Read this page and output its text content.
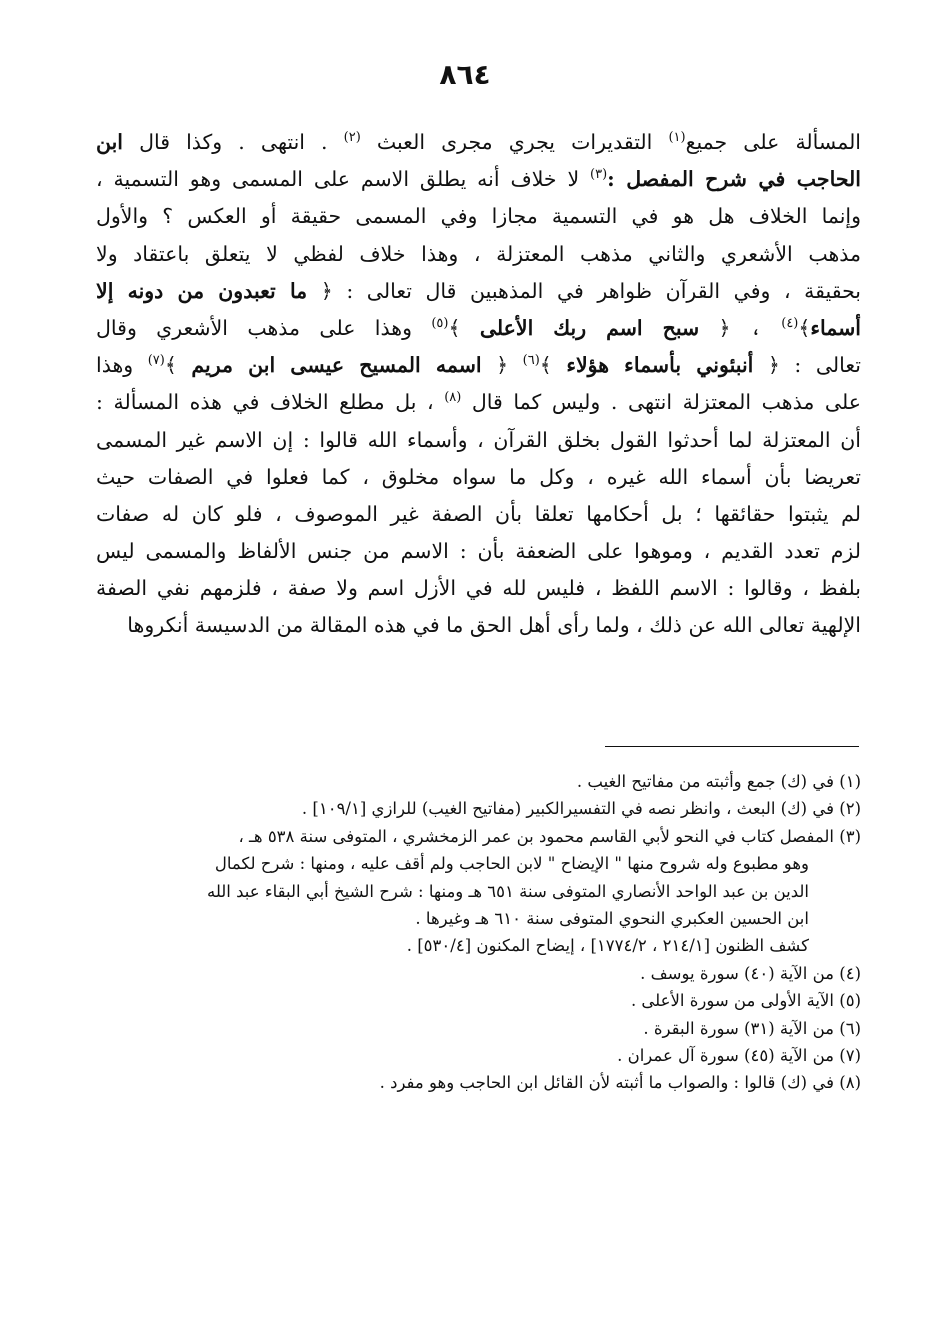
٨٦٤
المسألة على جميع$^{(١)}$ التقديرات يجري مجرى العبث $^{(٢)}$ . انتهى . وكذا قال ابن
الحاجب في شرح المفصل :$^{(٣)}$ لا خلاف أنه يطلق الاسم على المسمى وهو التسمية ،
وإنما الخلاف هل هو في التسمية مجازا وفي المسمى حقيقة أو العكس ؟ والأول
مذهب الأشعري والثاني مذهب المعتزلة ، وهذا خلاف لفظي لا يتعلق باعتقاد ولا
بحقيقة ، وفي القرآن ظواهر في المذهبين قال تعالى : ﴿ ما تعبدون من دونه إلا
أسماء﴾$^{(٤)}$ ، ﴿ سبح اسم ربك الأعلى ﴾$^{(٥)}$ وهذا على مذهب الأشعري وقال
تعالى : ﴿ أنبئوني بأسماء هؤلاء ﴾$^{(٦)}$ ﴿ اسمه المسيح عيسى ابن مريم ﴾$^{(٧)}$ وهذا
على مذهب المعتزلة انتهى . وليس كما قال $^{(٨)}$ ، بل مطلع الخلاف في هذه المسألة :
أن المعتزلة لما أحدثوا القول بخلق القرآن ، وأسماء الله قالوا : إن الاسم غير المسمى
تعريضا بأن أسماء الله غيره ، وكل ما سواه مخلوق ، كما فعلوا في الصفات حيث
لم يثبتوا حقائقها ؛ بل أحكامها تعلقا بأن الصفة غير الموصوف ، فلو كان له صفات
لزم تعدد القديم ، وموهوا على الضعفة بأن : الاسم من جنس الألفاظ والمسمى ليس
بلفظ ، وقالوا : الاسم اللفظ ، فليس لله في الأزل اسم ولا صفة ، فلزمهم نفي الصفة
الإلهية تعالى الله عن ذلك ، ولما رأى أهل الحق ما في هذه المقالة من الدسيسة أنكروها
(١) في (ك) جمع وأثبته من مفاتيح الغيب .
(٢) في (ك) البعث ، وانظر نصه في التفسيرالكبير (مفاتيح الغيب) للرازي [١٠٩/١] .
(٣) المفصل كتاب في النحو لأبي القاسم محمود بن عمر الزمخشري ، المتوفى سنة ٥٣٨ هـ ،
وهو مطبوع وله شروح منها " الإيضاح " لابن الحاجب ولم أقف عليه ، ومنها : شرح لكمال
الدين بن عبد الواحد الأنصاري المتوفى سنة ٦٥١ هـ ومنها : شرح الشيخ أبي البقاء عبد الله
ابن الحسين العكبري النحوي المتوفى سنة ٦١٠ هـ وغيرها .
كشف الظنون [٢١٤/١ ، ١٧٧٤/٢] ، إيضاح المكنون [٥٣٠/٤] .
(٤) من الآية (٤٠) سورة يوسف .
(٥) الآية الأولى من سورة الأعلى .
(٦) من الآية (٣١) سورة البقرة .
(٧) من الآية (٤٥) سورة آل عمران .
(٨) في (ك) قالوا : والصواب ما أثبته لأن القائل ابن الحاجب وهو مفرد .
